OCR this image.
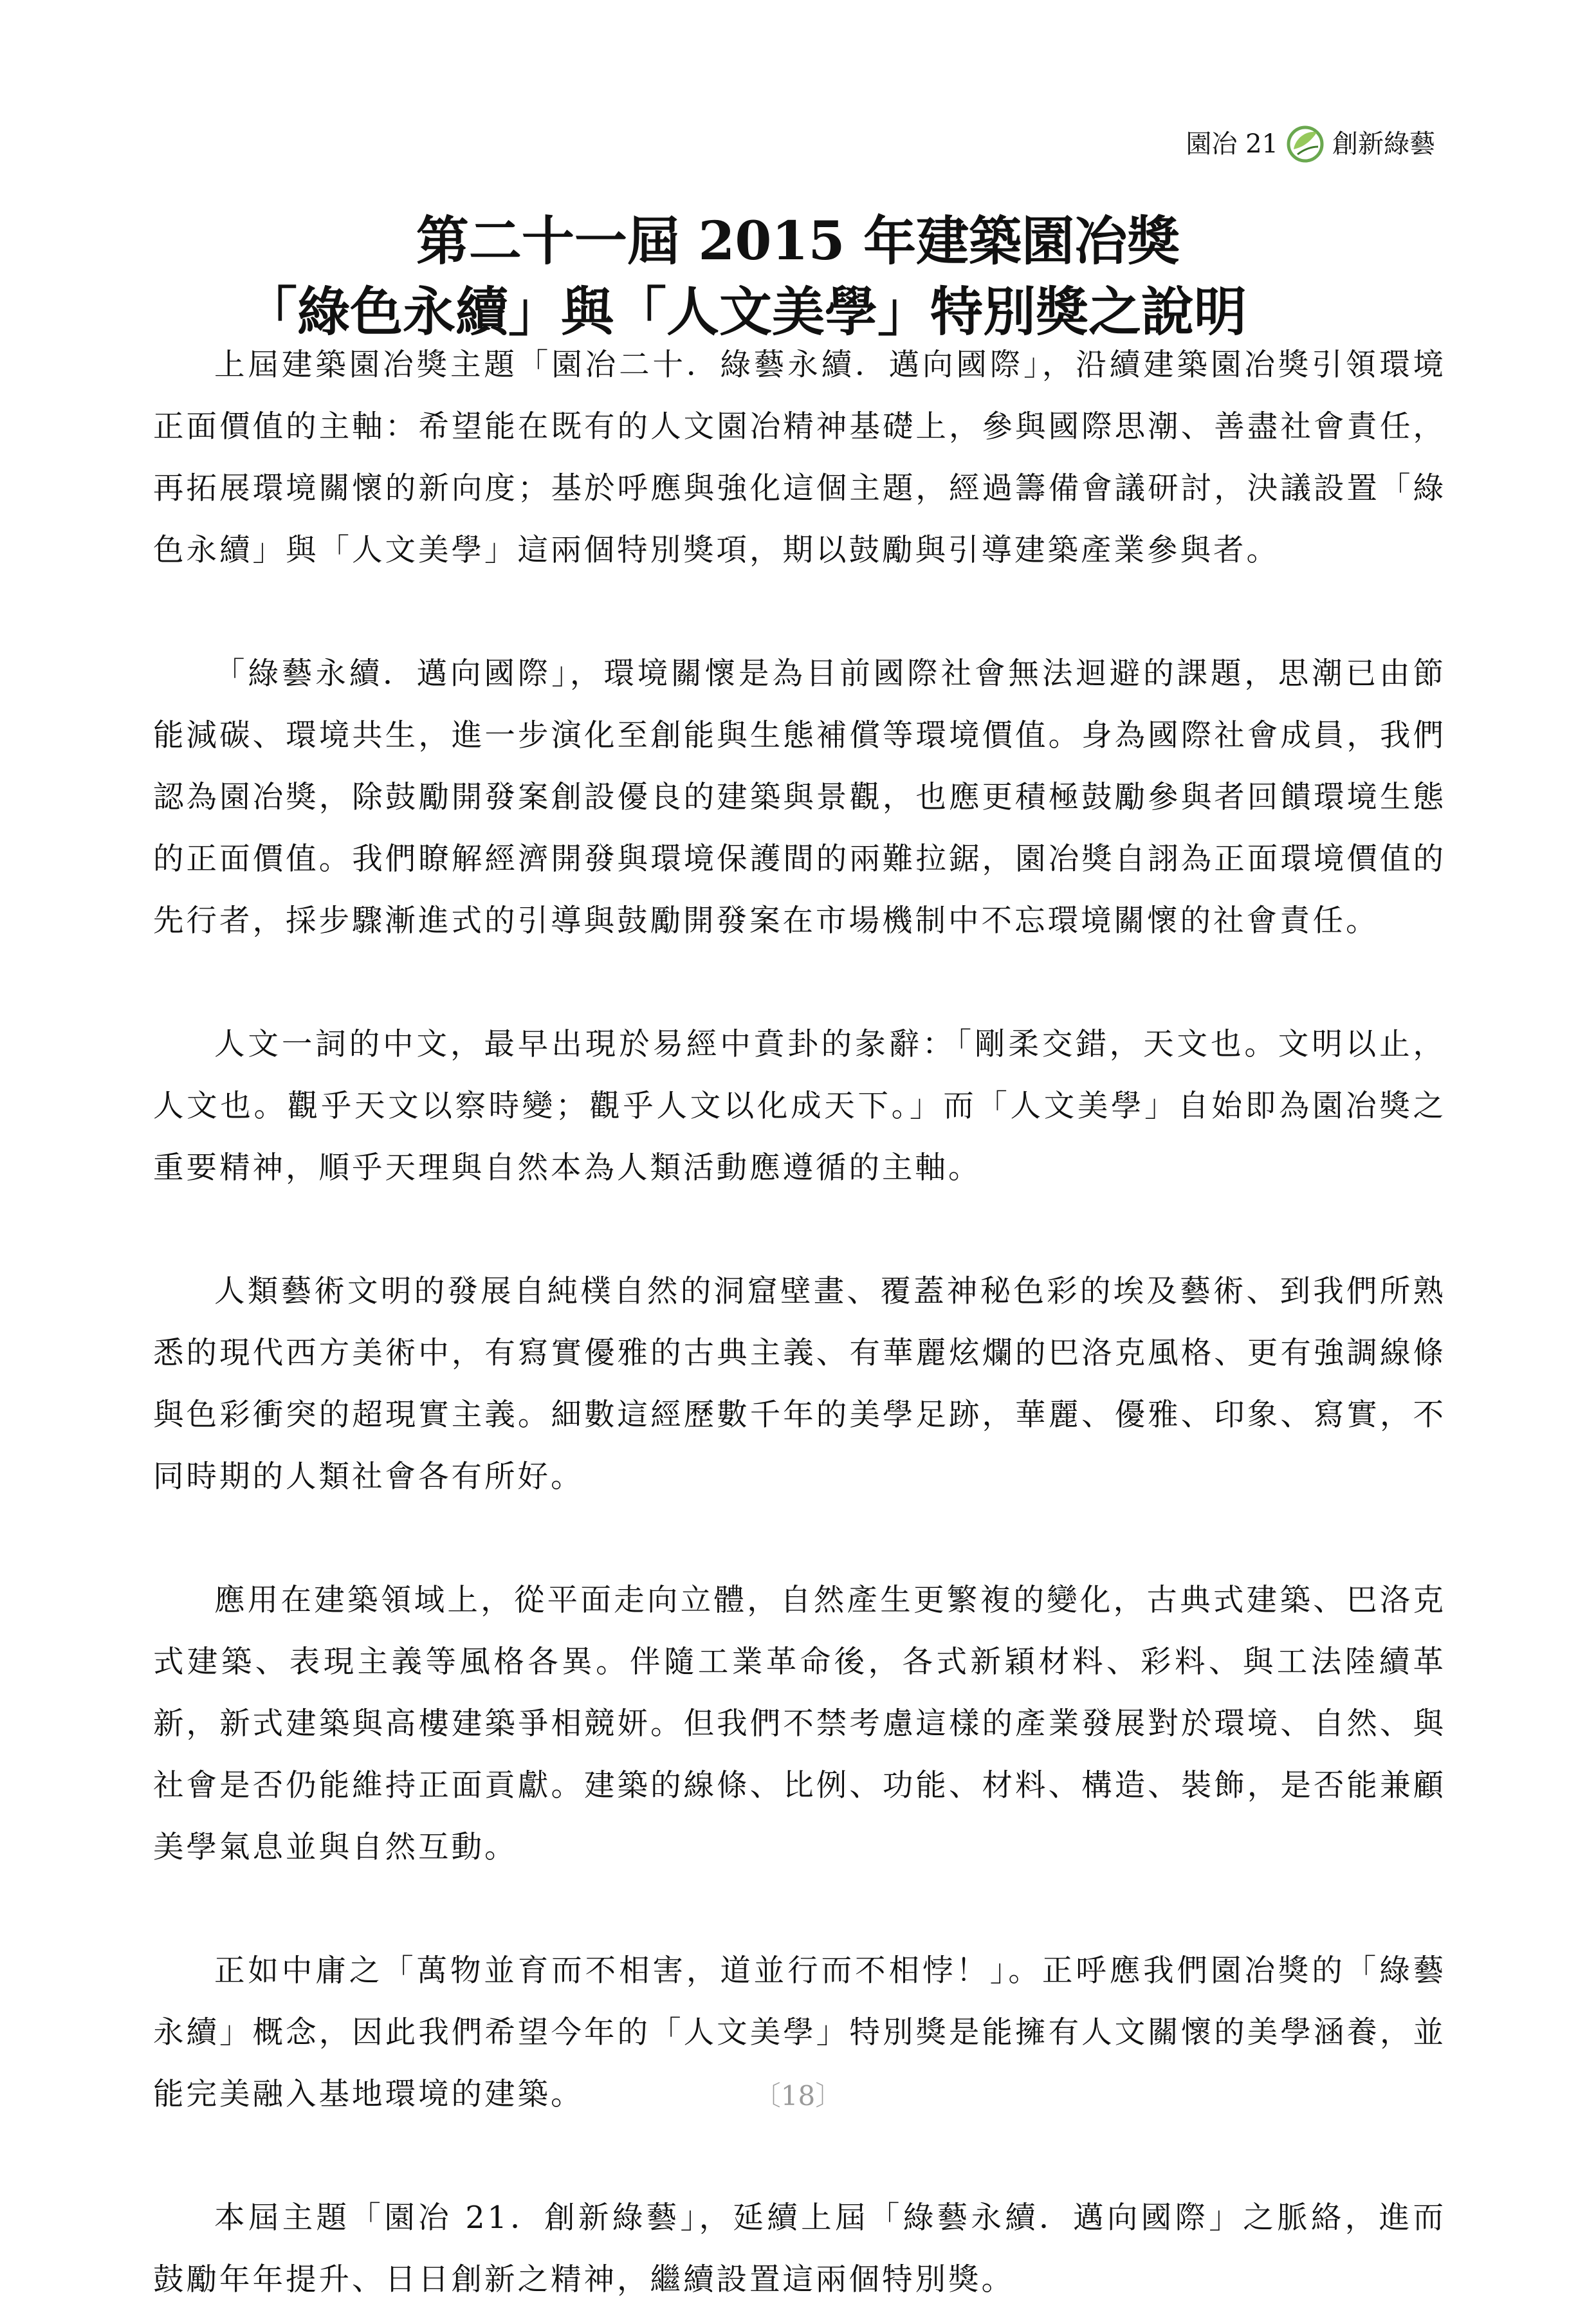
園冶 21 創新綠藝
第二十一屆 2015 年建築園冶獎
「綠色永續」與「人文美學」特別獎之說明

上屆建築園冶獎主題「園冶二十．綠藝永續．邁向國際」，沿續建築園冶獎引領環境正面價值的主軸：希望能在既有的人文園冶精神基礎上，參與國際思潮、善盡社會責任，再拓展環境關懷的新向度；基於呼應與強化這個主題，經過籌備會議研討，決議設置「綠色永續」與「人文美學」這兩個特別獎項，期以鼓勵與引導建築產業參與者。

「綠藝永續．邁向國際」，環境關懷是為目前國際社會無法迴避的課題，思潮已由節能減碳、環境共生，進一步演化至創能與生態補償等環境價值。身為國際社會成員，我們認為園冶獎，除鼓勵開發案創設優良的建築與景觀，也應更積極鼓勵參與者回饋環境生態的正面價值。我們瞭解經濟開發與環境保護間的兩難拉鋸，園冶獎自詡為正面環境價值的先行者，採步驟漸進式的引導與鼓勵開發案在市場機制中不忘環境關懷的社會責任。

人文一詞的中文，最早出現於易經中賁卦的彖辭：「剛柔交錯，天文也。文明以止，人文也。觀乎天文以察時變；觀乎人文以化成天下。」而「人文美學」自始即為園冶獎之重要精神，順乎天理與自然本為人類活動應遵循的主軸。

人類藝術文明的發展自純樸自然的洞窟壁畫、覆蓋神秘色彩的埃及藝術、到我們所熟悉的現代西方美術中，有寫實優雅的古典主義、有華麗炫爛的巴洛克風格、更有強調線條與色彩衝突的超現實主義。細數這經歷數千年的美學足跡，華麗、優雅、印象、寫實，不同時期的人類社會各有所好。

應用在建築領域上，從平面走向立體，自然產生更繁複的變化，古典式建築、巴洛克式建築、表現主義等風格各異。伴隨工業革命後，各式新穎材料、彩料、與工法陸續革新，新式建築與高樓建築爭相競妍。但我們不禁考慮這樣的產業發展對於環境、自然、與社會是否仍能維持正面貢獻。建築的線條、比例、功能、材料、構造、裝飾，是否能兼顧美學氣息並與自然互動。

正如中庸之「萬物並育而不相害，道並行而不相悖！」。正呼應我們園冶獎的「綠藝永續」概念，因此我們希望今年的「人文美學」特別獎是能擁有人文關懷的美學涵養，並能完美融入基地環境的建築。

本屆主題「園冶 21．創新綠藝」，延續上屆「綠藝永續．邁向國際」之脈絡，進而鼓勵年年提升、日日創新之精神，繼續設置這兩個特別獎。

〔18〕
